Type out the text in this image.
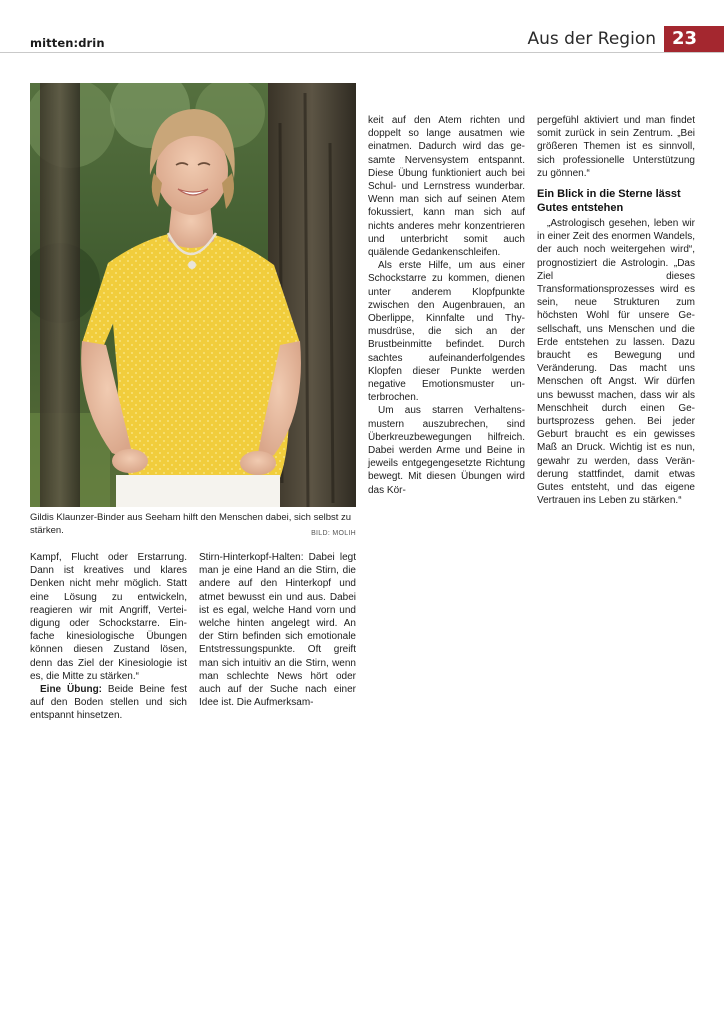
mitten:drin	Aus der Region 23
Gildis Klaunzer-Binder aus Seeham hilft den Menschen dabei, sich selbst zu stärken.	BILD: MOLIH

keit auf den Atem richten und doppelt so lange ausatmen wie einatmen. Dadurch wird das gesamte Nervensystem entspannt. Diese Übung funktioniert auch bei Schul- und Lernstress wunderbar. Wenn man sich auf seinen Atem fokussiert, kann man sich auf nichts anderes mehr konzentrieren und unterbricht somit auch quälende Gedankenschleifen.

Als erste Hilfe, um aus einer Schockstarre zu kommen, dienen unter anderem Klopfpunkte zwischen den Augenbrauen, an Oberlippe, Kinnfalte und Thymusdrüse, die sich an der Brustbeinmitte befindet. Durch sachtes aufeinanderfolgendes Klopfen dieser Punkte werden negative Emotionsmuster unterbrochen.

Um aus starren Verhaltensmustern auszubrechen, sind Überkreuzbewegungen hilfreich. Dabei werden Arme und Beine in jeweils entgegengesetzte Richtung bewegt. Mit diesen Übungen wird das Kör-

pergefühl aktiviert und man findet somit zurück in sein Zentrum. „Bei größeren Themen ist es sinnvoll, sich professionelle Unterstützung zu gönnen.“

Ein Blick in die Sterne lässt Gutes entstehen

„Astrologisch gesehen, leben wir in einer Zeit des enormen Wandels, der auch noch weitergehen wird“, prognostiziert die Astrologin. „Das Ziel dieses Transformationsprozesses wird es sein, neue Strukturen zum höchsten Wohl für unsere Gesellschaft, uns Menschen und die Erde entstehen zu lassen. Dazu braucht es Bewegung und Veränderung. Das macht uns Menschen oft Angst. Wir dürfen uns bewusst machen, dass wir als Menschheit durch einen Geburtsprozess gehen. Bei jeder Geburt braucht es ein gewisses Maß an Druck. Wichtig ist es nun, gewahr zu werden, dass Veränderung stattfindet, damit etwas Gutes entsteht, und das eigene Vertrauen ins Leben zu stärken.“

Kampf, Flucht oder Erstarrung. Dann ist kreatives und klares Denken nicht mehr möglich. Statt eine Lösung zu entwickeln, reagieren wir mit Angriff, Verteidigung oder Schockstarre. Einfache kinesiologische Übungen können diesen Zustand lösen, denn das Ziel der Kinesiologie ist es, die Mitte zu stärken.“

Eine Übung: Beide Beine fest auf den Boden stellen und sich entspannt hinsetzen.

Stirn-Hinterkopf-Halten: Dabei legt man je eine Hand an die Stirn, die andere auf den Hinterkopf und atmet bewusst ein und aus. Dabei ist es egal, welche Hand vorn und welche hinten angelegt wird. An der Stirn befinden sich emotionale Entstressungspunkte. Oft greift man sich intuitiv an die Stirn, wenn man schlechte News hört oder auch auf der Suche nach einer Idee ist. Die Aufmerksam-
